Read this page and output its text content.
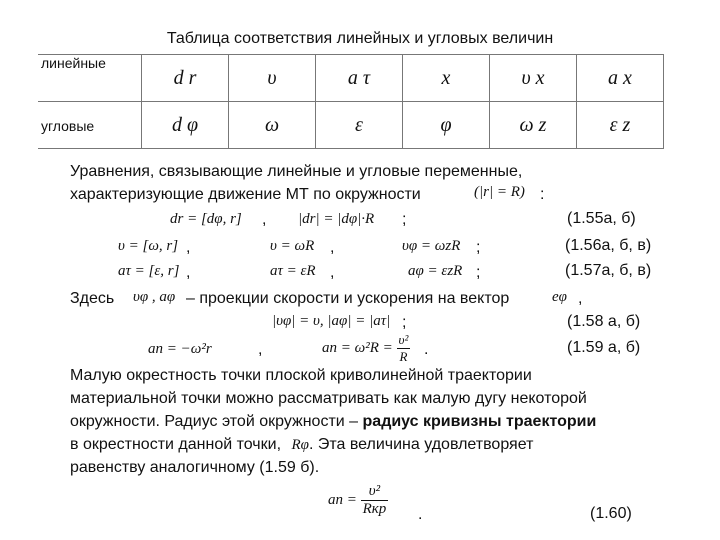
Таблица соответствия линейных и угловых величин
линейные	d r	υ	a τ	x	υ x	a x
угловые	d φ	ω	ε	φ	ω z	ε z
Уравнения, связывающие линейные и угловые переменные,
характеризующие движение МТ по окружности	(|r| = R) :
dr = [dφ, r] , |dr| = |dφ|·R ;	(1.55а, б)
υ = [ω, r] ,	υ = ωR ,	υφ = ωzR ;	(1.56а, б, в)
aτ = [ε, r] ,	aτ = εR ,	aφ = εzR ;	(1.57а, б, в)
Здесь υφ , aφ – проекции скорости и ускорения на вектор	eφ ,
|υφ| = υ, |aφ| = |aτ| ;	(1.58 а, б)
an = −ω²r	,	an = $\omega^2R = \frac{\text{υ²}}{R}$ .	(1.59 а, б)
Малую окрестность точки плоской криволинейной траектории
материальной точки можно рассматривать как малую дугу некоторой
окружности. Радиус этой окружности – радиус кривизны траектории
в окрестности данной точки, Rφ. Эта величина удовлетворяет
равенству аналогичному (1.59 б).
an = $\frac{\text{υ²}}{\text{Rкр}}$ .	(1.60)
